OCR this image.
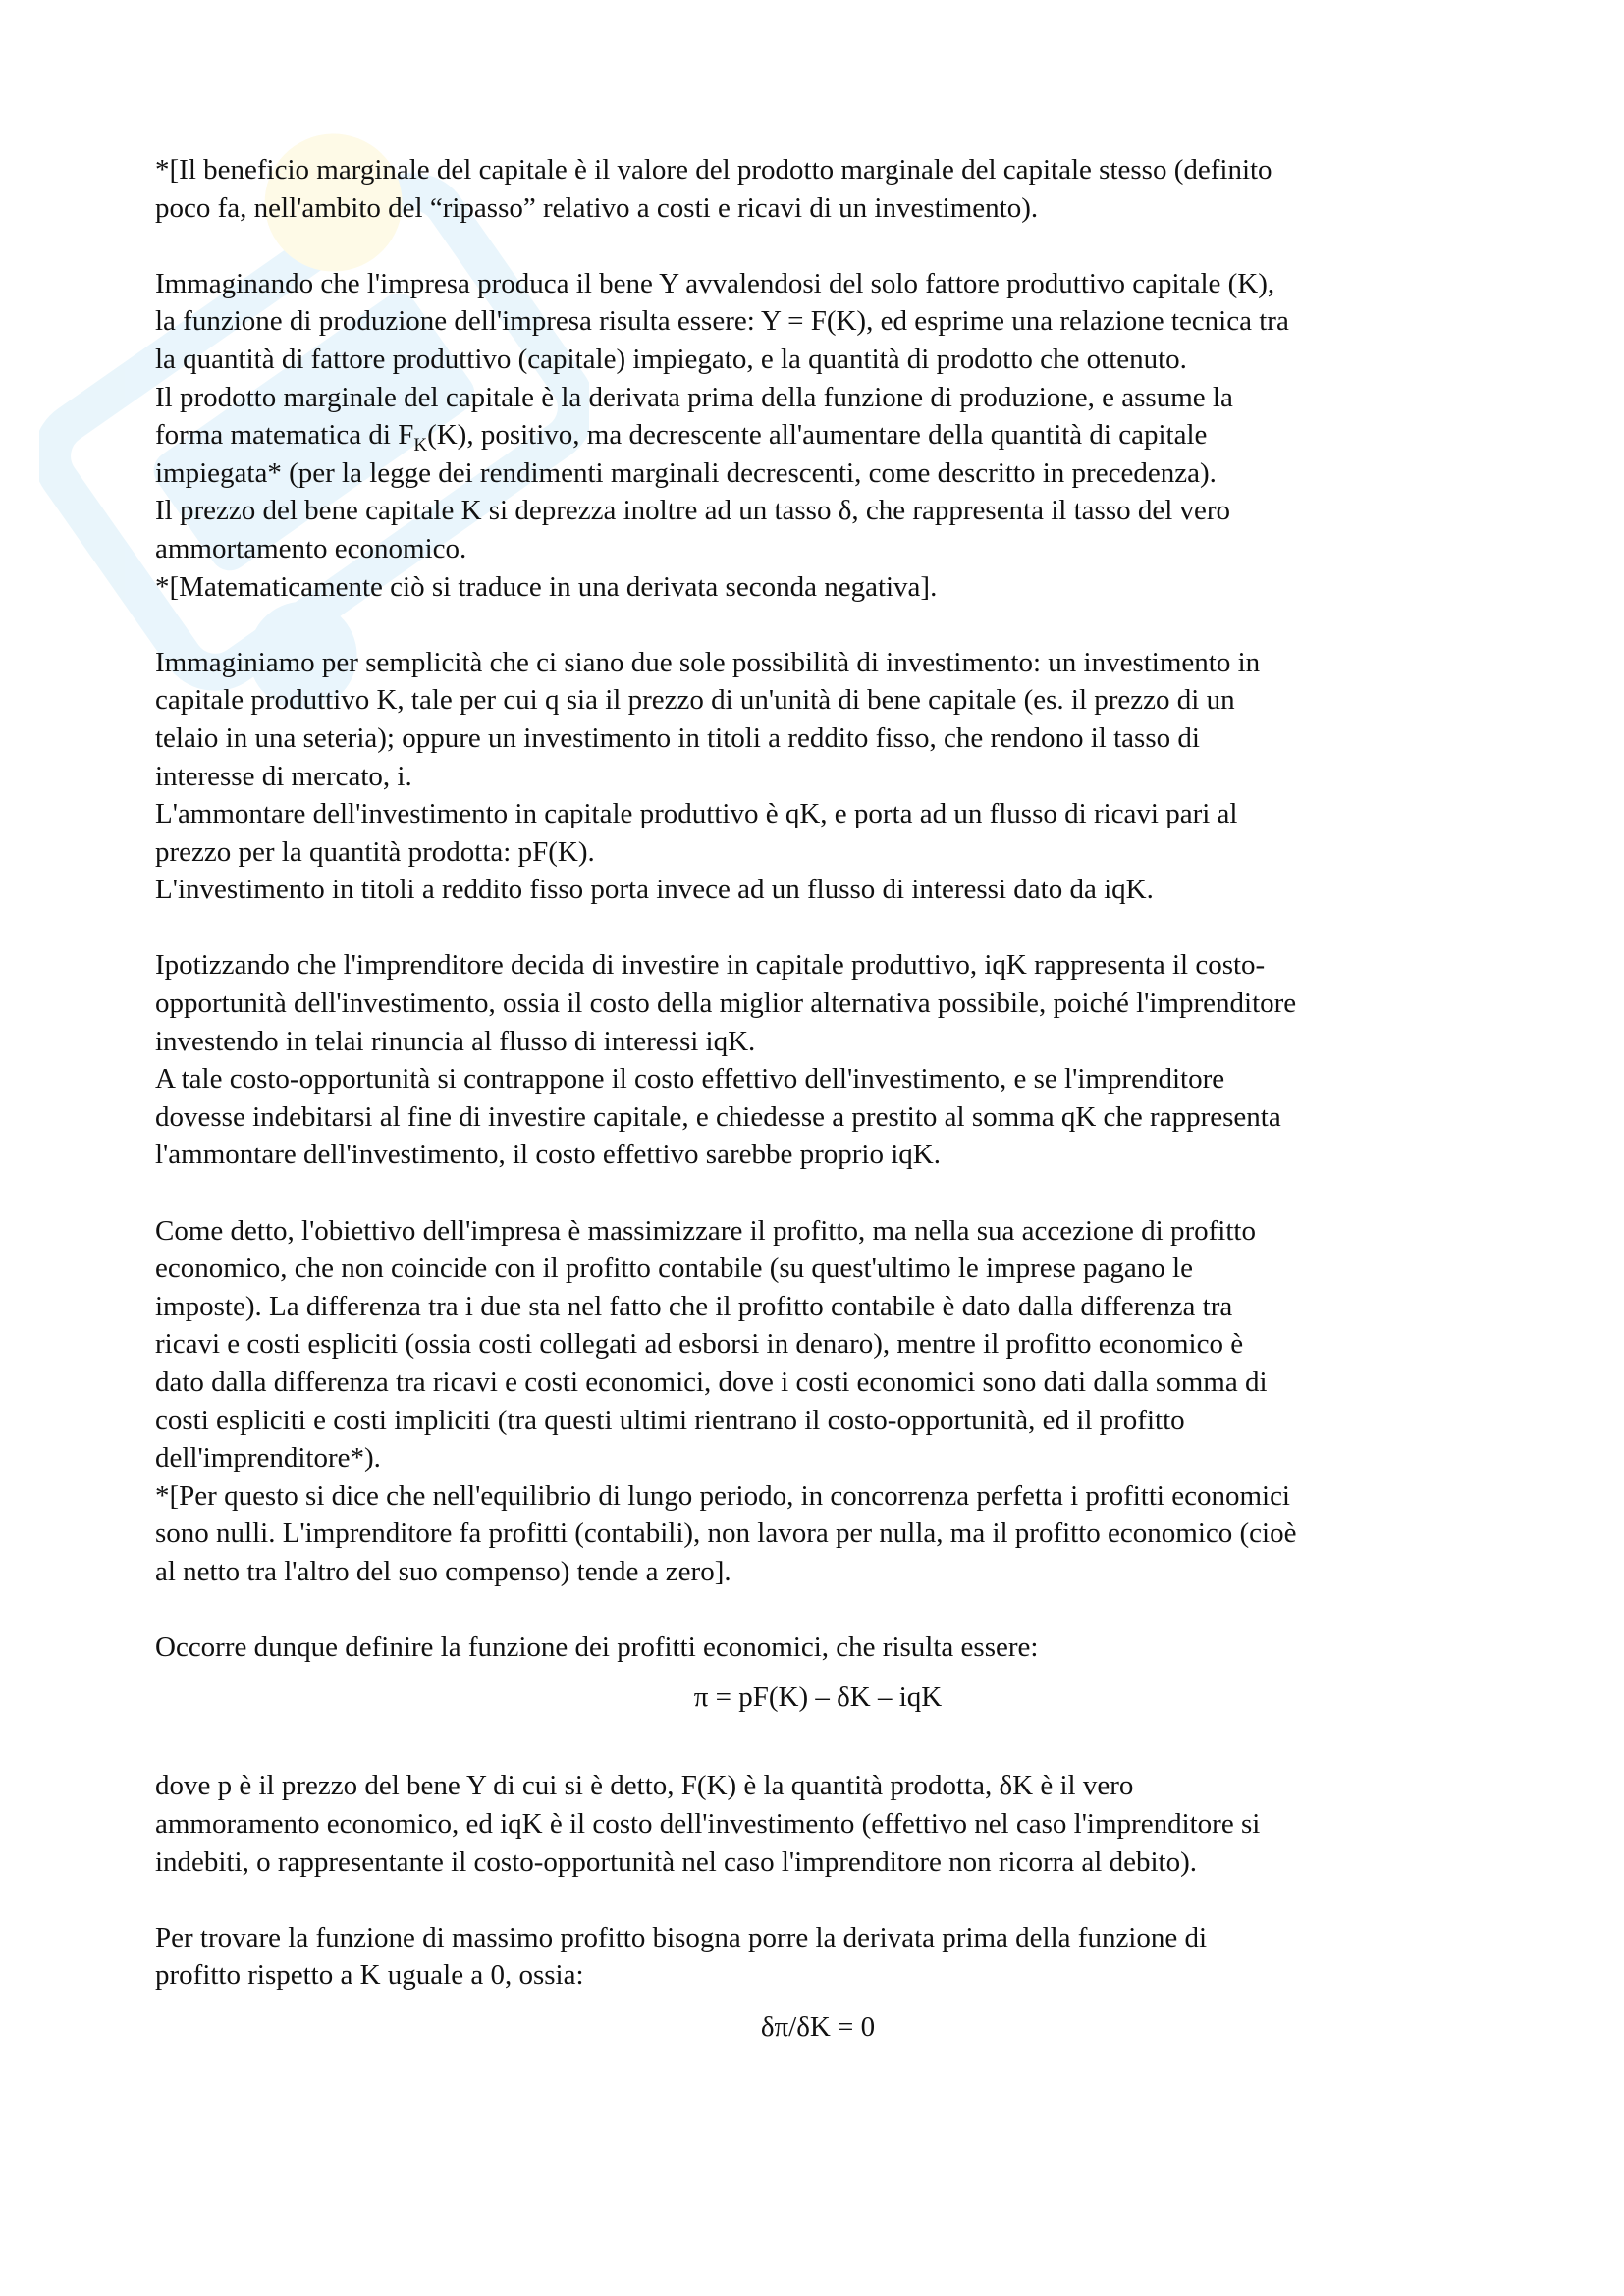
*[Il beneficio marginale del capitale è il valore del prodotto marginale del capitale stesso (definito
poco fa, nell'ambito del “ripasso” relativo a costi e ricavi di un investimento).

Immaginando che l'impresa produca il bene Y avvalendosi del solo fattore produttivo capitale (K),
la funzione di produzione dell'impresa risulta essere: Y = F(K), ed esprime una relazione tecnica tra
la quantità di fattore produttivo (capitale) impiegato, e la quantità di prodotto che ottenuto.
Il prodotto marginale del capitale è la derivata prima della funzione di produzione, e assume la
forma matematica di $F_K(K)$, positivo, ma decrescente all'aumentare della quantità di capitale
impiegata* (per la legge dei rendimenti marginali decrescenti, come descritto in precedenza).
Il prezzo del bene capitale K si deprezza inoltre ad un tasso δ, che rappresenta il tasso del vero
ammortamento economico.
*[Matematicamente ciò si traduce in una derivata seconda negativa].

Immaginiamo per semplicità che ci siano due sole possibilità di investimento: un investimento in
capitale produttivo K, tale per cui q sia il prezzo di un'unità di bene capitale (es. il prezzo di un
telaio in una seteria); oppure un investimento in titoli a reddito fisso, che rendono il tasso di
interesse di mercato, i.
L'ammontare dell'investimento in capitale produttivo è qK, e porta ad un flusso di ricavi pari al
prezzo per la quantità prodotta: pF(K).
L'investimento in titoli a reddito fisso porta invece ad un flusso di interessi dato da iqK.

Ipotizzando che l'imprenditore decida di investire in capitale produttivo, iqK rappresenta il costo-
opportunità dell'investimento, ossia il costo della miglior alternativa possibile, poiché l'imprenditore
investendo in telai rinuncia al flusso di interessi iqK.
A tale costo-opportunità si contrappone il costo effettivo dell'investimento, e se l'imprenditore
dovesse indebitarsi al fine di investire capitale, e chiedesse a prestito al somma qK che rappresenta
l'ammontare dell'investimento, il costo effettivo sarebbe proprio iqK.

Come detto, l'obiettivo dell'impresa è massimizzare il profitto, ma nella sua accezione di profitto
economico, che non coincide con il profitto contabile (su quest'ultimo le imprese pagano le
imposte). La differenza tra i due sta nel fatto che il profitto contabile è dato dalla differenza tra
ricavi e costi espliciti (ossia costi collegati ad esborsi in denaro), mentre il profitto economico è
dato dalla differenza tra ricavi e costi economici, dove i costi economici sono dati dalla somma di
costi espliciti e costi impliciti (tra questi ultimi rientrano il costo-opportunità, ed il profitto
dell'imprenditore*).
*[Per questo si dice che nell'equilibrio di lungo periodo, in concorrenza perfetta i profitti economici
sono nulli. L'imprenditore fa profitti (contabili), non lavora per nulla, ma il profitto economico (cioè
al netto tra l'altro del suo compenso) tende a zero].

Occorre dunque definire la funzione dei profitti economici, che risulta essere:

π = pF(K) – δK – iqK

dove p è il prezzo del bene Y di cui si è detto, F(K) è la quantità prodotta, δK è il vero
ammoramento economico, ed iqK è il costo dell'investimento (effettivo nel caso l'imprenditore si
indebiti, o rappresentante il costo-opportunità nel caso l'imprenditore non ricorra al debito).

Per trovare la funzione di massimo profitto bisogna porre la derivata prima della funzione di
profitto rispetto a K uguale a 0, ossia:

δπ/δK = 0
